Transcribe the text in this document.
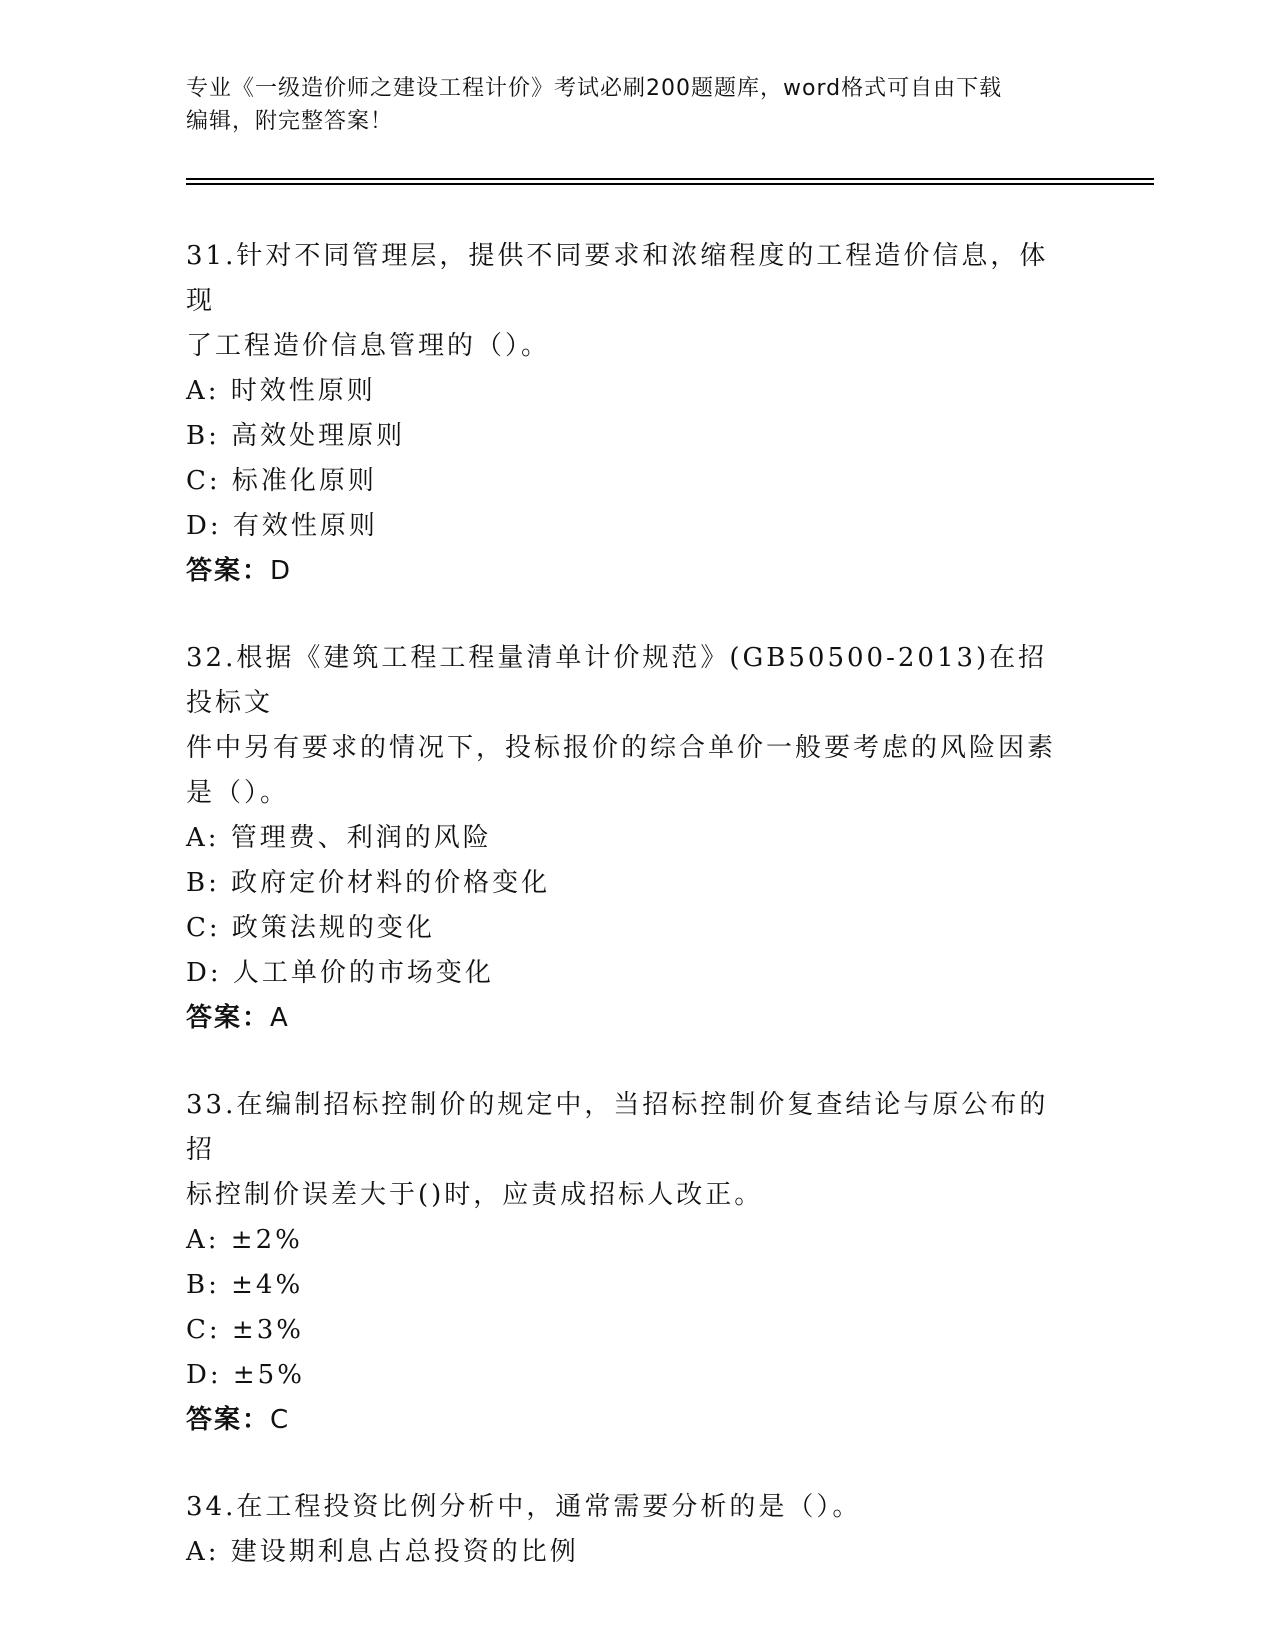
专业《一级造价师之建设工程计价》考试必刷200题题库，word格式可自由下载
编辑，附完整答案！
31.针对不同管理层，提供不同要求和浓缩程度的工程造价信息，体现
了工程造价信息管理的（）。
A: 时效性原则
B: 高效处理原则
C: 标准化原则
D: 有效性原则
答案：D
32.根据《建筑工程工程量清单计价规范》(GB50500-2013)在招投标文
件中另有要求的情况下，投标报价的综合单价一般要考虑的风险因素
是（）。
A: 管理费、利润的风险
B: 政府定价材料的价格变化
C: 政策法规的变化
D: 人工单价的市场变化
答案：A
33.在编制招标控制价的规定中，当招标控制价复查结论与原公布的招
标控制价误差大于()时，应责成招标人改正。
A: ±2%
B: ±4%
C: ±3%
D: ±5%
答案：C
34.在工程投资比例分析中，通常需要分析的是（）。
A: 建设期利息占总投资的比例
